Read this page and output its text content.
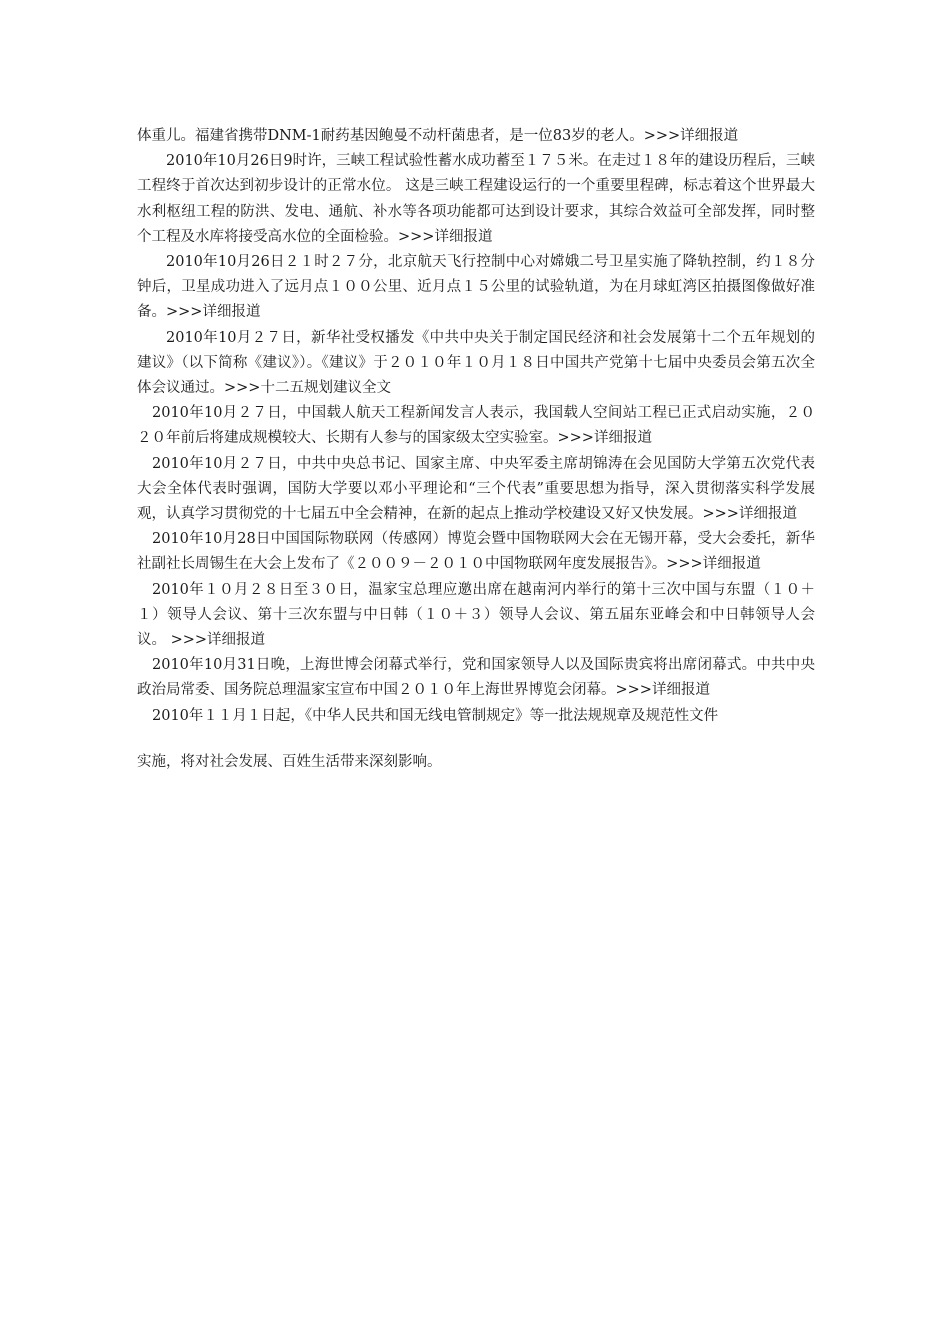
体重儿。福建省携带DNM-1耐药基因鲍曼不动杆菌患者，是一位83岁的老人。>>>详细报道

2010年10月26日9时许，三峡工程试验性蓄水成功蓄至１７５米。在走过１８年的建设历程后，三峡工程终于首次达到初步设计的正常水位。 这是三峡工程建设运行的一个重要里程碑，标志着这个世界最大水利枢纽工程的防洪、发电、通航、补水等各项功能都可达到设计要求，其综合效益可全部发挥，同时整个工程及水库将接受高水位的全面检验。>>>详细报道

2010年10月26日２１时２７分，北京航天飞行控制中心对嫦娥二号卫星实施了降轨控制，约１８分钟后，卫星成功进入了远月点１００公里、近月点１５公里的试验轨道，为在月球虹湾区拍摄图像做好准备。>>>详细报道

2010年10月２７日，新华社受权播发《中共中央关于制定国民经济和社会发展第十二个五年规划的建议》（以下简称《建议》）。《建议》于２０１０年１０月１８日中国共产党第十七届中央委员会第五次全体会议通过。>>>十二五规划建议全文

2010年10月２７日，中国载人航天工程新闻发言人表示，我国载人空间站工程已正式启动实施，２０２０年前后将建成规模较大、长期有人参与的国家级太空实验室。>>>详细报道

2010年10月２７日，中共中央总书记、国家主席、中央军委主席胡锦涛在会见国防大学第五次党代表大会全体代表时强调，国防大学要以邓小平理论和“三个代表”重要思想为指导，深入贯彻落实科学发展观，认真学习贯彻党的十七届五中全会精神，在新的起点上推动学校建设又好又快发展。>>>详细报道

2010年10月28日中国国际物联网（传感网）博览会暨中国物联网大会在无锡开幕，受大会委托，新华社副社长周锡生在大会上发布了《２００９－２０１０中国物联网年度发展报告》。>>>详细报道

2010年１０月２８日至３０日，温家宝总理应邀出席在越南河内举行的第十三次中国与东盟（１０＋１）领导人会议、第十三次东盟与中日韩（１０＋３）领导人会议、第五届东亚峰会和中日韩领导人会议。 >>>详细报道

2010年10月31日晚，上海世博会闭幕式举行，党和国家领导人以及国际贵宾将出席闭幕式。中共中央政治局常委、国务院总理温家宝宣布中国２０１０年上海世界博览会闭幕。>>>详细报道

2010年１１月１日起，《中华人民共和国无线电管制规定》等一批法规规章及规范性文件

实施，将对社会发展、百姓生活带来深刻影响。
